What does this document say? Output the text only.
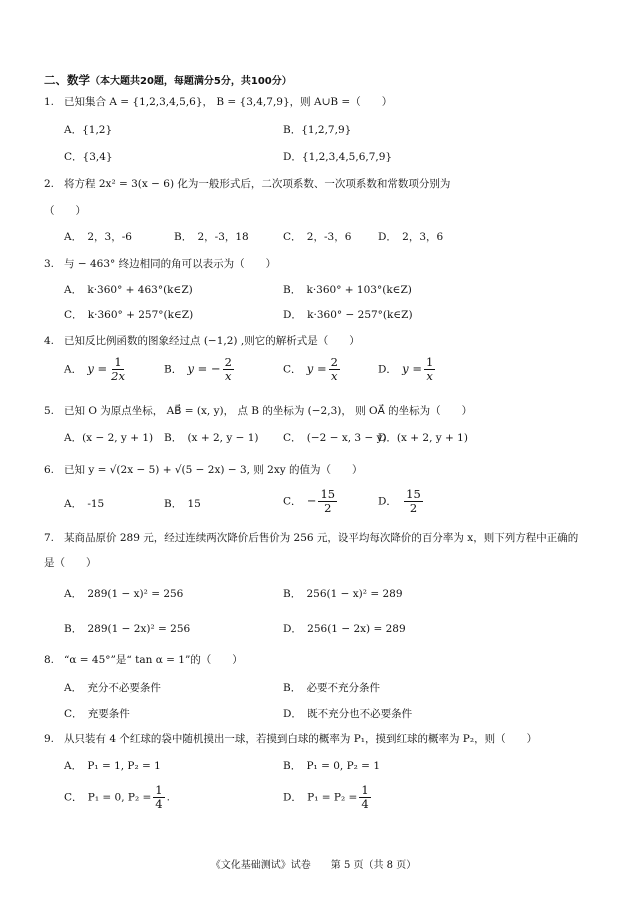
二、数学（本大题共20题，每题满分5分，共100分）
1. 已知集合 A = {1,2,3,4,5,6}， B = {3,4,7,9}，则 A∪B =（　　）
A．{1,2}	B．{1,2,7,9}
C．{3,4}	D．{1,2,3,4,5,6,7,9}
2. 将方程 2x² = 3(x − 6) 化为一般形式后，二次项系数、一次项系数和常数项分别为
（　　）
A．　2，3，-6	B．　2，-3，18	C．　2，-3，6	D．　2，3，6
3. 与 − 463° 终边相同的角可以表示为（　　）
A．　k·360° + 463°(k∈Z)	B．　k·360° + 103°(k∈Z)
C．　k·360° + 257°(k∈Z)	D．　k·360° − 257°(k∈Z)
4. 已知反比例函数的图象经过点 (−1,2) ,则它的解析式是（　　）
A．　 $y = \frac{1}{2x}$	B．　 y = − $\frac{2}{x}$	C．　 $y = \frac{2}{x}$	D．　 $y = \frac{1}{x}$
5. 已知 O 为原点坐标， AB⃗ = (x, y)， 点 B 的坐标为 (−2,3)， 则 OA⃗ 的坐标为（　　）
A．(x − 2, y + 1) B．　(x + 2, y − 1) C．　(−2 − x, 3 − y)
D．(x + 2, y + 1)
6. 已知 y = √(2x − 5) + √(5 − 2x) − 3, 则 2xy 的值为（　　）
A．　-15	B．　15	C．　− $\frac{15}{2}$	D．　 $\frac{15}{2}$
7. 某商品原价 289 元，经过连续两次降价后售价为 256 元，设平均每次降价的百分率为 x，则下列方程中正确的
是（　　）
A．　289(1 − x)² = 256	B．　256(1 − x)² = 289
B．　289(1 − 2x)² = 256	D．　256(1 − 2x) = 289
8. “α = 45°”是“ tan α = 1”的（　　）
A．　充分不必要条件	B．　必要不充分条件
C．　充要条件	D．　既不充分也不必要条件
9. 从只装有 4 个红球的袋中随机摸出一球，若摸到白球的概率为 P₁，摸到红球的概率为 P₂，则（　　）
A．　P₁ = 1, P₂ = 1	B．　P₁ = 0, P₂ = 1
C．　P₁ = 0, $P_2 = \frac{1}{4}$ .	D．　$P_1 = P_2 = \frac{1}{4}$
《文化基础测试》试卷　　第 5 页（共 8 页）
